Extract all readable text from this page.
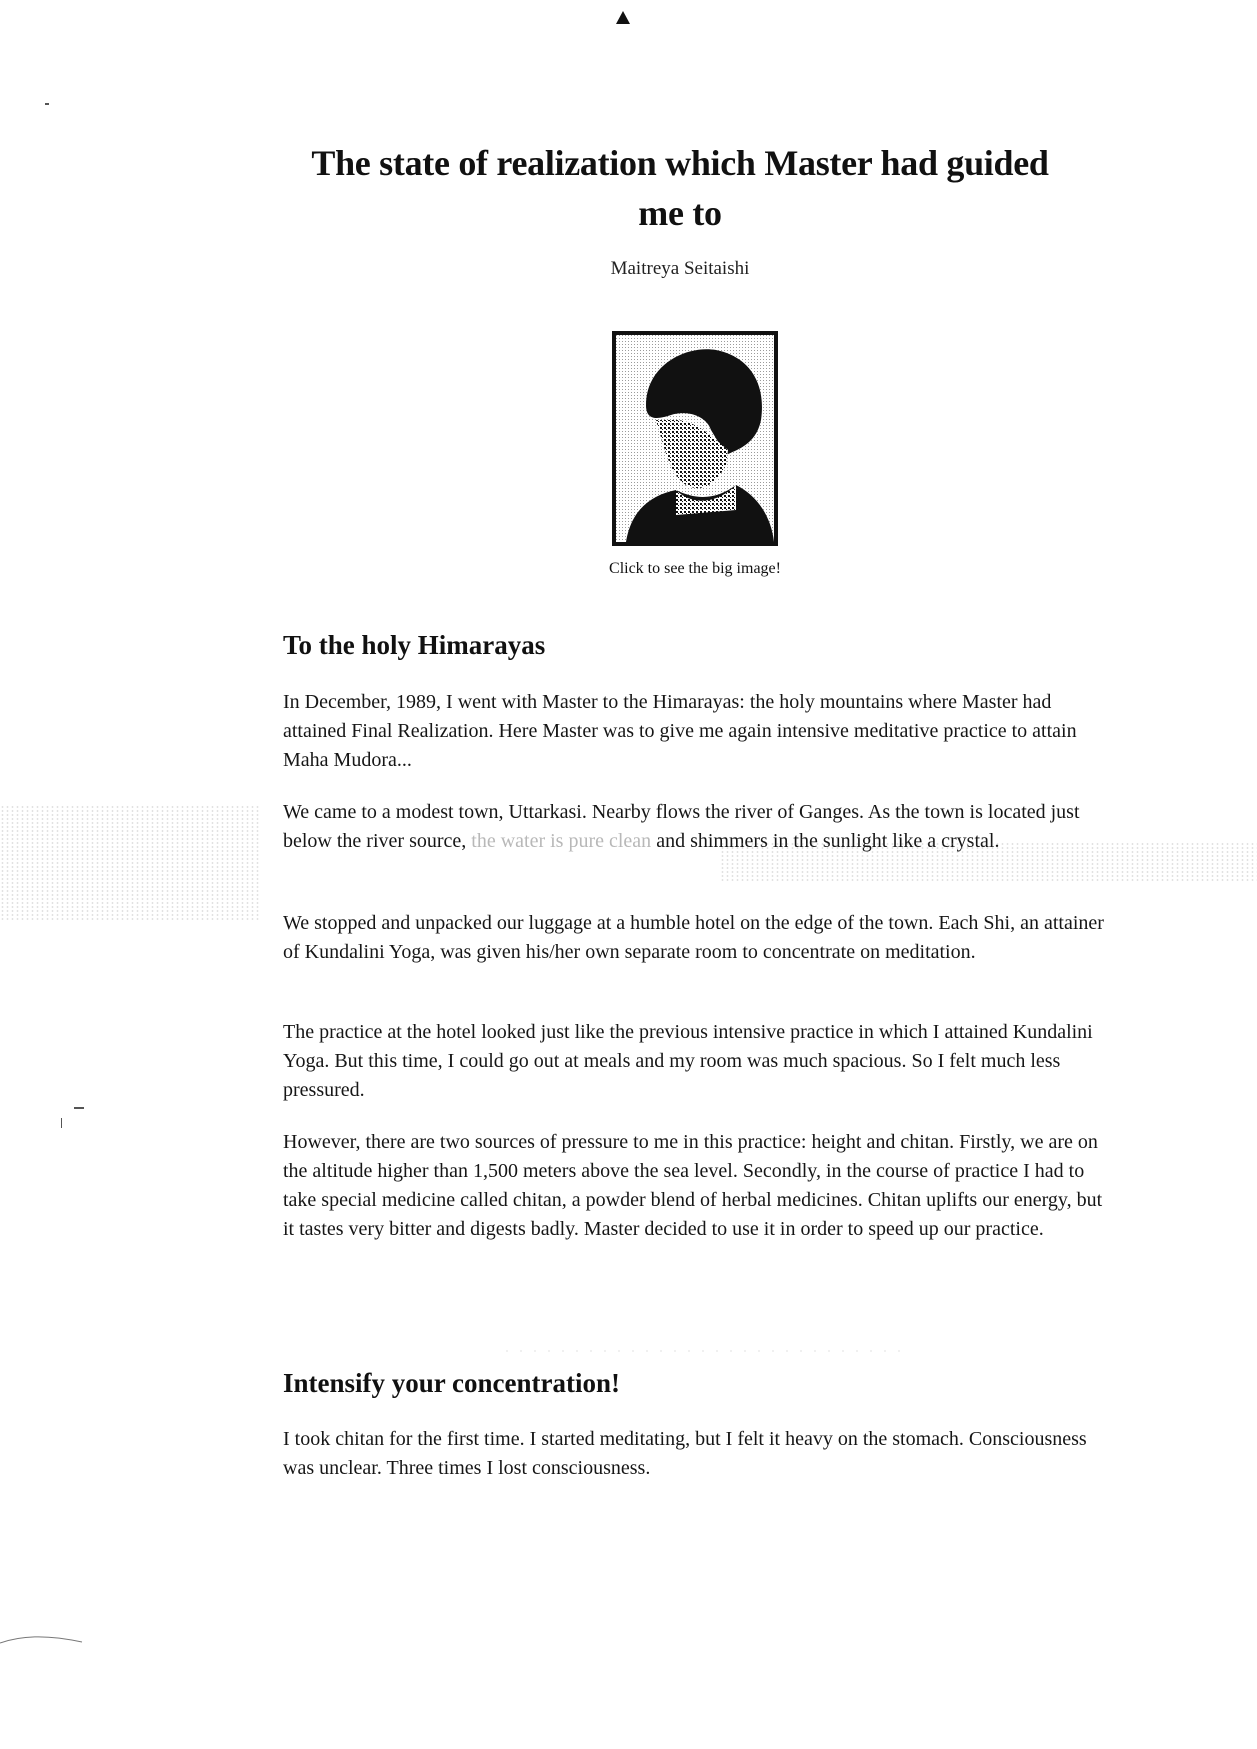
The state of realization which Master had guided me to

Maitreya Seitaishi

Click to see the big image!
To the holy Himarayas

In December, 1989, I went with Master to the Himarayas: the holy mountains where Master had attained Final Realization. Here Master was to give me again intensive meditative practice to attain Maha Mudora...

We came to a modest town, Uttarkasi. Nearby flows the river of Ganges. As the town is located just below the river source, the water is pure clean and shimmers in the sunlight like a crystal.

We stopped and unpacked our luggage at a humble hotel on the edge of the town. Each Shi, an attainer of Kundalini Yoga, was given his/her own separate room to concentrate on meditation.

The practice at the hotel looked just like the previous intensive practice in which I attained Kundalini Yoga. But this time, I could go out at meals and my room was much spacious. So I felt much less pressured.

However, there are two sources of pressure to me in this practice: height and chitan. Firstly, we are on the altitude higher than 1,500 meters above the sea level. Secondly, in the course of practice I had to take special medicine called chitan, a powder blend of herbal medicines. Chitan uplifts our energy, but it tastes very bitter and digests badly. Master decided to use it in order to speed up our practice.

Intensify your concentration!

I took chitan for the first time. I started meditating, but I felt it heavy on the stomach. Consciousness was unclear. Three times I lost consciousness.
